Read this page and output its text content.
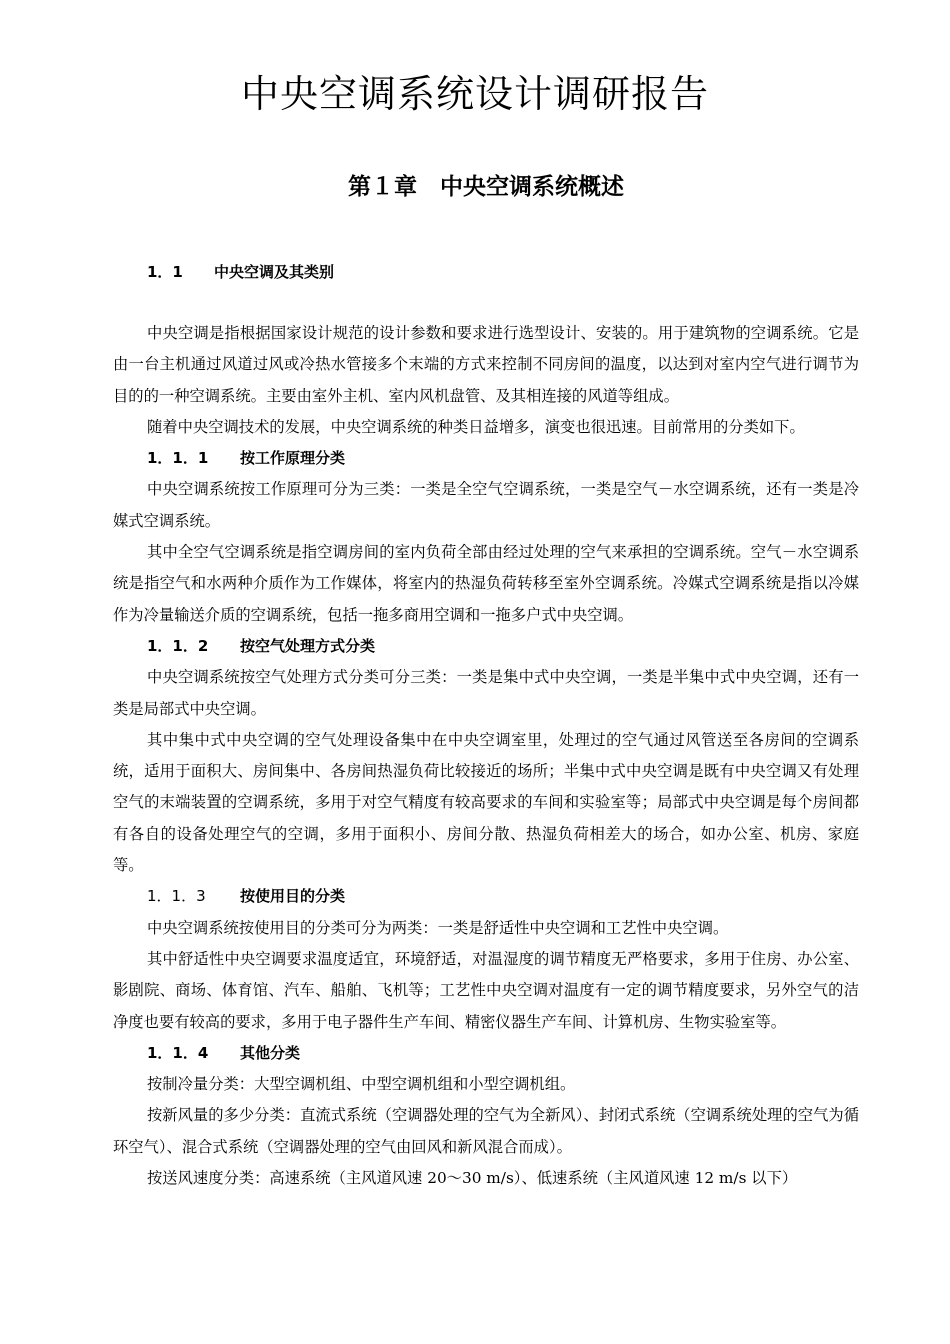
中央空调系统设计调研报告
第１章　中央空调系统概述
1．1 中央空调及其类别

中央空调是指根据国家设计规范的设计参数和要求进行选型设计、安装的。用于建筑物的空调系统。它是由一台主机通过风道过风或冷热水管接多个末端的方式来控制不同房间的温度，以达到对室内空气进行调节为目的的一种空调系统。主要由室外主机、室内风机盘管、及其相连接的风道等组成。

随着中央空调技术的发展，中央空调系统的种类日益增多，演变也很迅速。目前常用的分类如下。

1．1．1 按工作原理分类

中央空调系统按工作原理可分为三类：一类是全空气空调系统，一类是空气－水空调系统，还有一类是冷媒式空调系统。

其中全空气空调系统是指空调房间的室内负荷全部由经过处理的空气来承担的空调系统。空气－水空调系统是指空气和水两种介质作为工作媒体，将室内的热湿负荷转移至室外空调系统。冷媒式空调系统是指以冷媒作为冷量输送介质的空调系统，包括一拖多商用空调和一拖多户式中央空调。

1．1．2 按空气处理方式分类

中央空调系统按空气处理方式分类可分三类：一类是集中式中央空调，一类是半集中式中央空调，还有一类是局部式中央空调。

其中集中式中央空调的空气处理设备集中在中央空调室里，处理过的空气通过风管送至各房间的空调系统，适用于面积大、房间集中、各房间热湿负荷比较接近的场所；半集中式中央空调是既有中央空调又有处理空气的末端装置的空调系统，多用于对空气精度有较高要求的车间和实验室等；局部式中央空调是每个房间都有各自的设备处理空气的空调，多用于面积小、房间分散、热湿负荷相差大的场合，如办公室、机房、家庭等。

1．1．3 按使用目的分类

中央空调系统按使用目的分类可分为两类：一类是舒适性中央空调和工艺性中央空调。

其中舒适性中央空调要求温度适宜，环境舒适，对温湿度的调节精度无严格要求，多用于住房、办公室、影剧院、商场、体育馆、汽车、船舶、飞机等；工艺性中央空调对温度有一定的调节精度要求，另外空气的洁净度也要有较高的要求，多用于电子器件生产车间、精密仪器生产车间、计算机房、生物实验室等。

1．1．4 其他分类

按制冷量分类：大型空调机组、中型空调机组和小型空调机组。

按新风量的多少分类：直流式系统（空调器处理的空气为全新风）、封闭式系统（空调系统处理的空气为循环空气）、混合式系统（空调器处理的空气由回风和新风混合而成）。

按送风速度分类：高速系统（主风道风速 20～30 m/s）、低速系统（主风道风速 12 m/s 以下）
